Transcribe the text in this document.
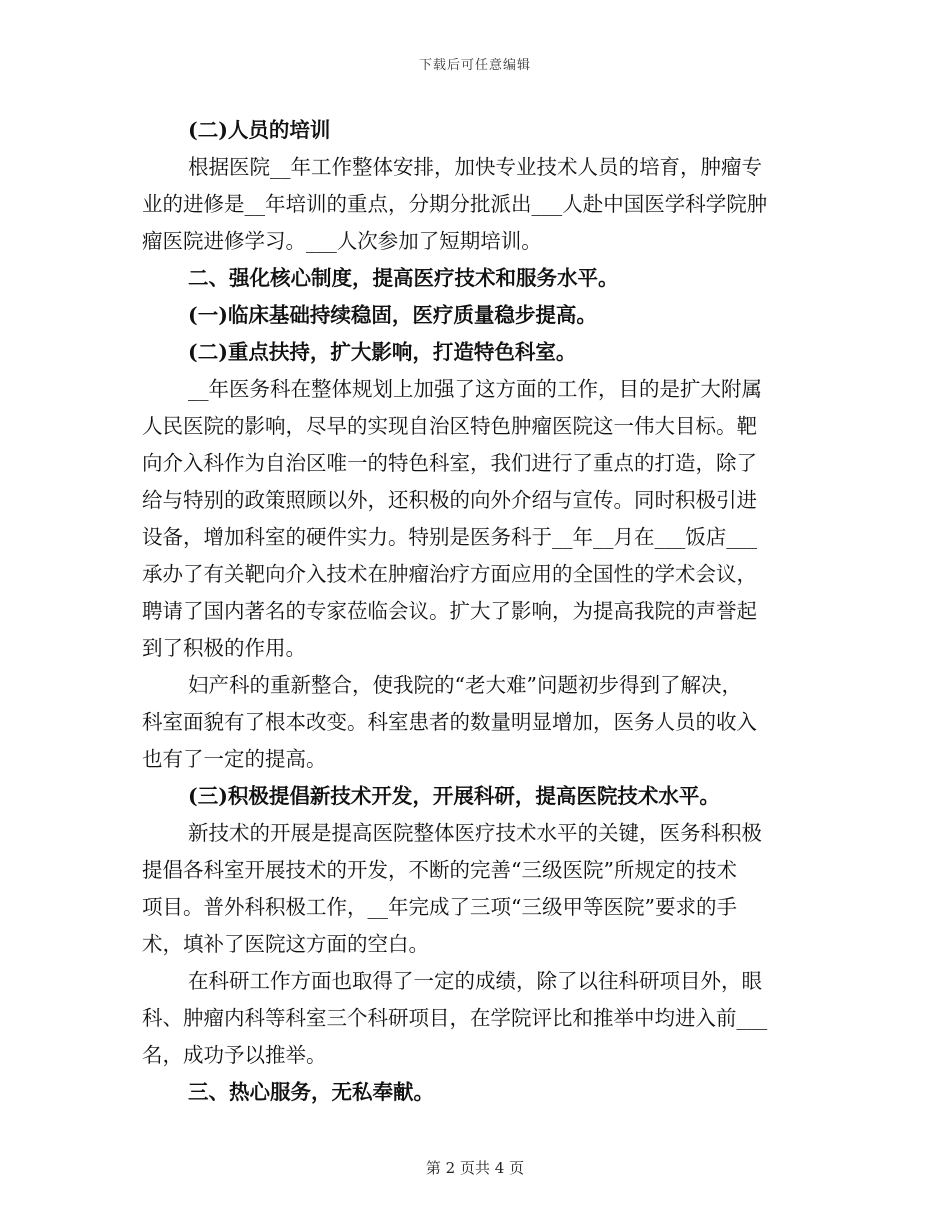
下载后可任意编辑
(二)人员的培训
根据医院__年工作整体安排，加快专业技术人员的培育，肿瘤专
业的进修是__年培训的重点，分期分批派出___人赴中国医学科学院肿
瘤医院进修学习。___人次参加了短期培训。
二、强化核心制度，提高医疗技术和服务水平。
(一)临床基础持续稳固，医疗质量稳步提高。
(二)重点扶持，扩大影响，打造特色科室。
__年医务科在整体规划上加强了这方面的工作，目的是扩大附属
人民医院的影响，尽早的实现自治区特色肿瘤医院这一伟大目标。靶
向介入科作为自治区唯一的特色科室，我们进行了重点的打造，除了
给与特别的政策照顾以外，还积极的向外介绍与宣传。同时积极引进
设备，增加科室的硬件实力。特别是医务科于__年__月在___饭店___
承办了有关靶向介入技术在肿瘤治疗方面应用的全国性的学术会议，
聘请了国内著名的专家莅临会议。扩大了影响，为提高我院的声誉起
到了积极的作用。
妇产科的重新整合，使我院的“老大难”问题初步得到了解决，
科室面貌有了根本改变。科室患者的数量明显增加，医务人员的收入
也有了一定的提高。
(三)积极提倡新技术开发，开展科研，提高医院技术水平。
新技术的开展是提高医院整体医疗技术水平的关键，医务科积极
提倡各科室开展技术的开发，不断的完善“三级医院”所规定的技术
项目。普外科积极工作，__年完成了三项“三级甲等医院”要求的手
术，填补了医院这方面的空白。
在科研工作方面也取得了一定的成绩，除了以往科研项目外，眼
科、肿瘤内科等科室三个科研项目，在学院评比和推举中均进入前___
名，成功予以推举。
三、热心服务，无私奉献。
第 2 页共 4 页
